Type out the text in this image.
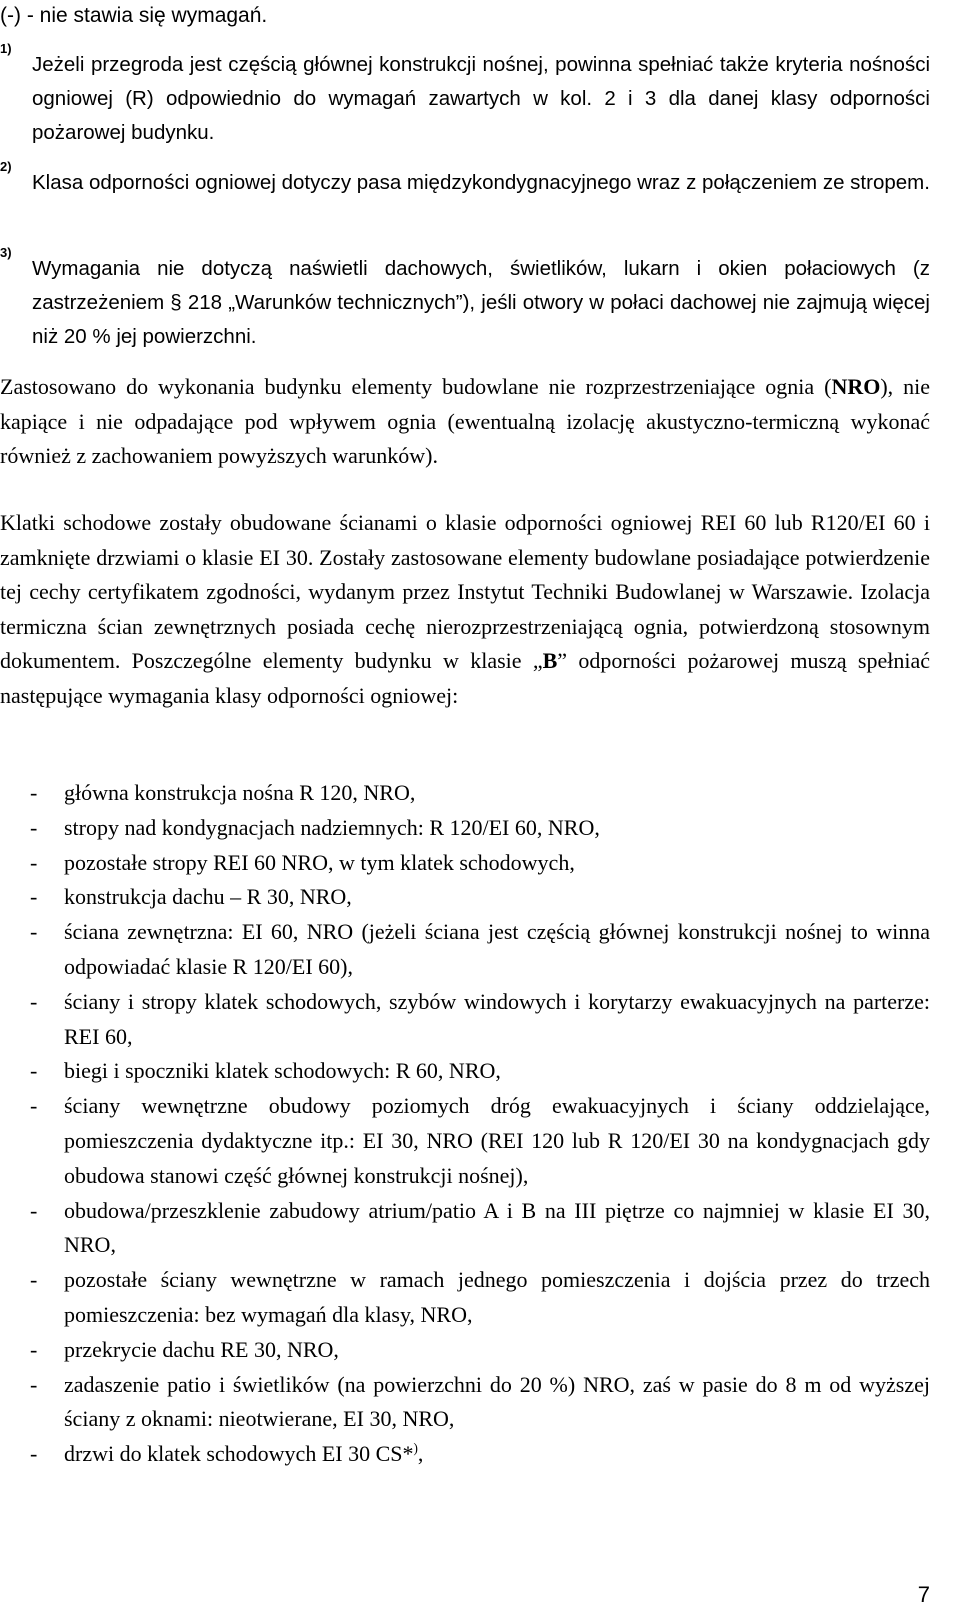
(-) - nie stawia się wymagań.
1)
Jeżeli przegroda jest częścią głównej konstrukcji nośnej, powinna spełniać także kryteria nośności ogniowej (R) odpowiednio do wymagań zawartych w kol. 2 i 3 dla danej klasy odporności pożarowej budynku.
2)
Klasa odporności ogniowej dotyczy pasa międzykondygnacyjnego wraz z połączeniem ze stropem.
3)
Wymagania nie dotyczą naświetli dachowych, świetlików, lukarn i okien połaciowych (z zastrzeżeniem § 218 „Warunków technicznych”), jeśli otwory w połaci dachowej nie zajmują więcej niż 20 % jej powierzchni.

Zastosowano do wykonania budynku elementy budowlane nie rozprzestrzeniające ognia (NRO), nie kapiące i nie odpadające pod wpływem ognia (ewentualną izolację akustyczno-termiczną wykonać również z zachowaniem powyższych warunków).

Klatki schodowe zostały obudowane ścianami o klasie odporności ogniowej REI 60 lub R120/EI 60 i zamknięte drzwiami o klasie EI 30. Zostały zastosowane elementy budowlane posiadające potwierdzenie tej cechy certyfikatem zgodności, wydanym przez Instytut Techniki Budowlanej w Warszawie. Izolacja termiczna ścian zewnętrznych posiada cechę nierozprzestrzeniającą ognia, potwierdzoną stosownym dokumentem. Poszczególne elementy budynku w klasie „B” odporności pożarowej muszą spełniać następujące wymagania klasy odporności ogniowej:

- główna konstrukcja nośna R 120, NRO,
- stropy nad kondygnacjach nadziemnych: R 120/EI 60, NRO,
- pozostałe stropy REI 60 NRO, w tym klatek schodowych,
- konstrukcja dachu – R 30, NRO,
- ściana zewnętrzna: EI 60, NRO (jeżeli ściana jest częścią głównej konstrukcji nośnej to winna odpowiadać klasie R 120/EI 60),
- ściany i stropy klatek schodowych, szybów windowych i korytarzy ewakuacyjnych na parterze: REI 60,
- biegi i spoczniki klatek schodowych: R 60, NRO,
- ściany wewnętrzne obudowy poziomych dróg ewakuacyjnych i ściany oddzielające, pomieszczenia dydaktyczne itp.: EI 30, NRO (REI 120 lub R 120/EI 30 na kondygnacjach gdy obudowa stanowi część głównej konstrukcji nośnej),
- obudowa/przeszklenie zabudowy atrium/patio A i B na III piętrze co najmniej w klasie EI 30, NRO,
- pozostałe ściany wewnętrzne w ramach jednego pomieszczenia i dojścia przez do trzech pomieszczenia: bez wymagań dla klasy, NRO,
- przekrycie dachu RE 30, NRO,
- zadaszenie patio i świetlików (na powierzchni do 20 %) NRO, zaś w pasie do 8 m od wyższej ściany z oknami: nieotwierane, EI 30, NRO,
- drzwi do klatek schodowych EI 30 CS*),
7
